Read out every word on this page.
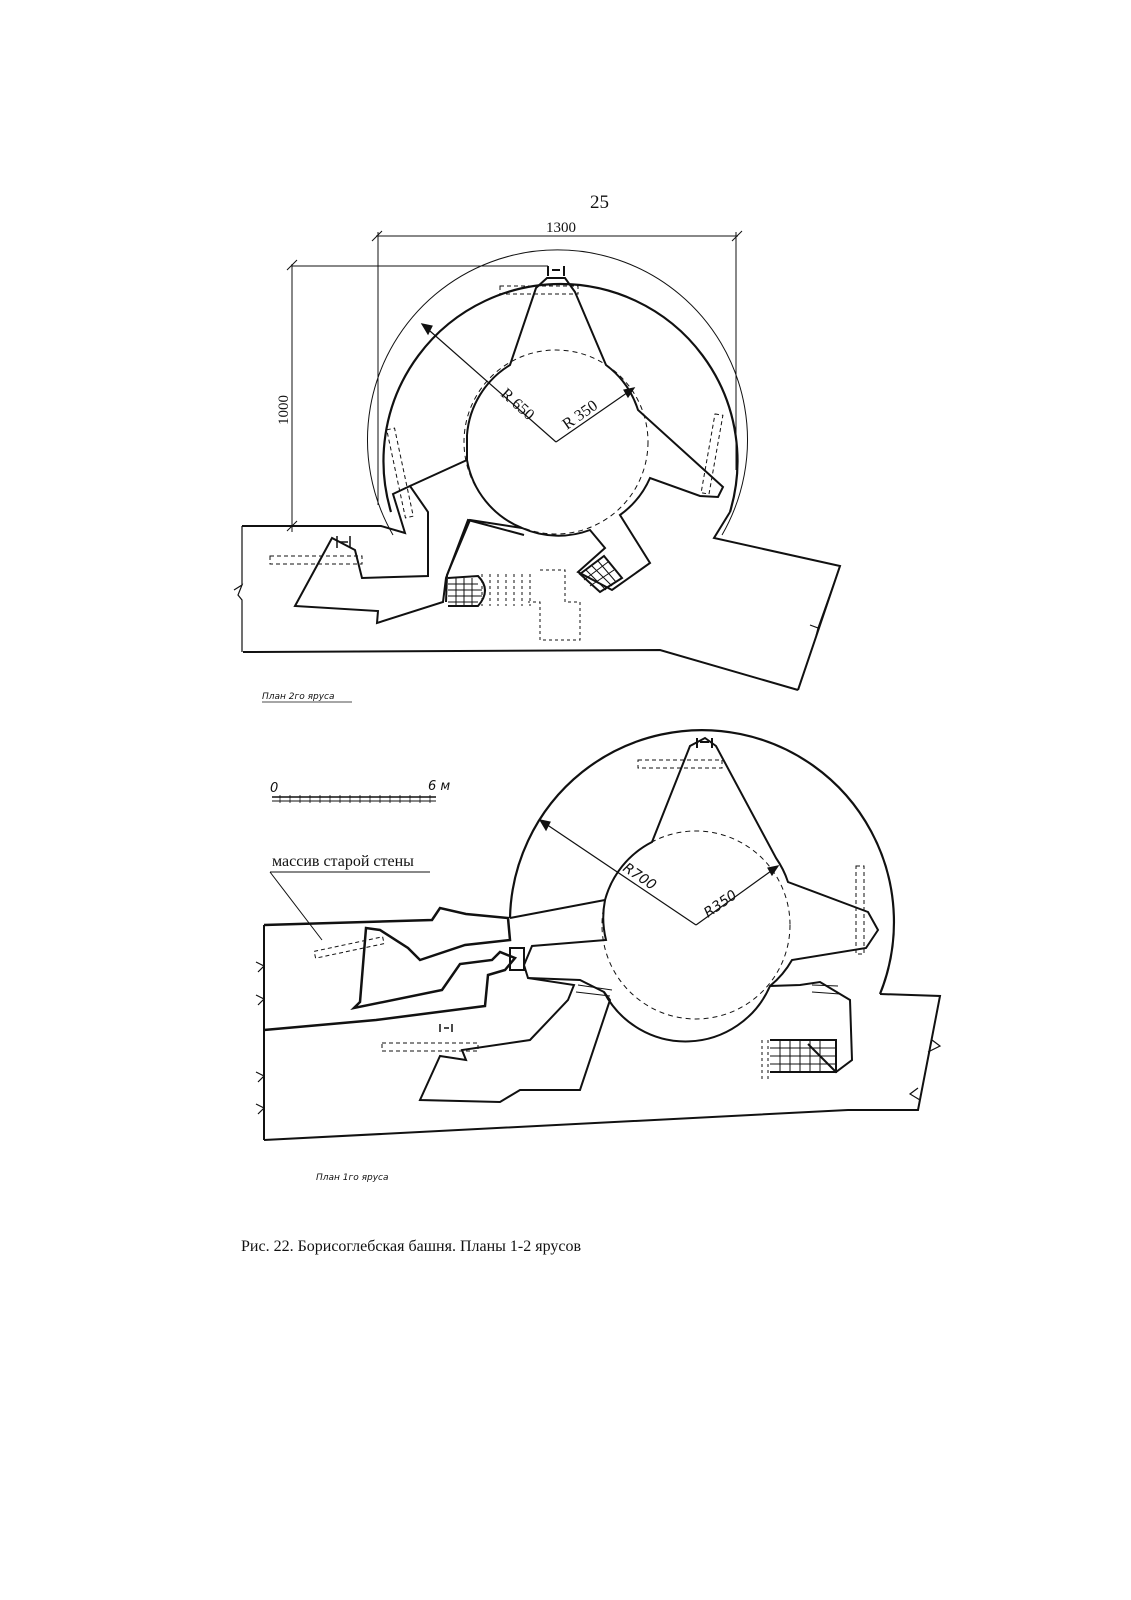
25
1300
1000	R 650 R 350
План 2го яруса
0	6 м
R700
R350
массив старой стены
План 1го яруса
Рис. 22. Борисоглебская башня. Планы 1-2 ярусов
